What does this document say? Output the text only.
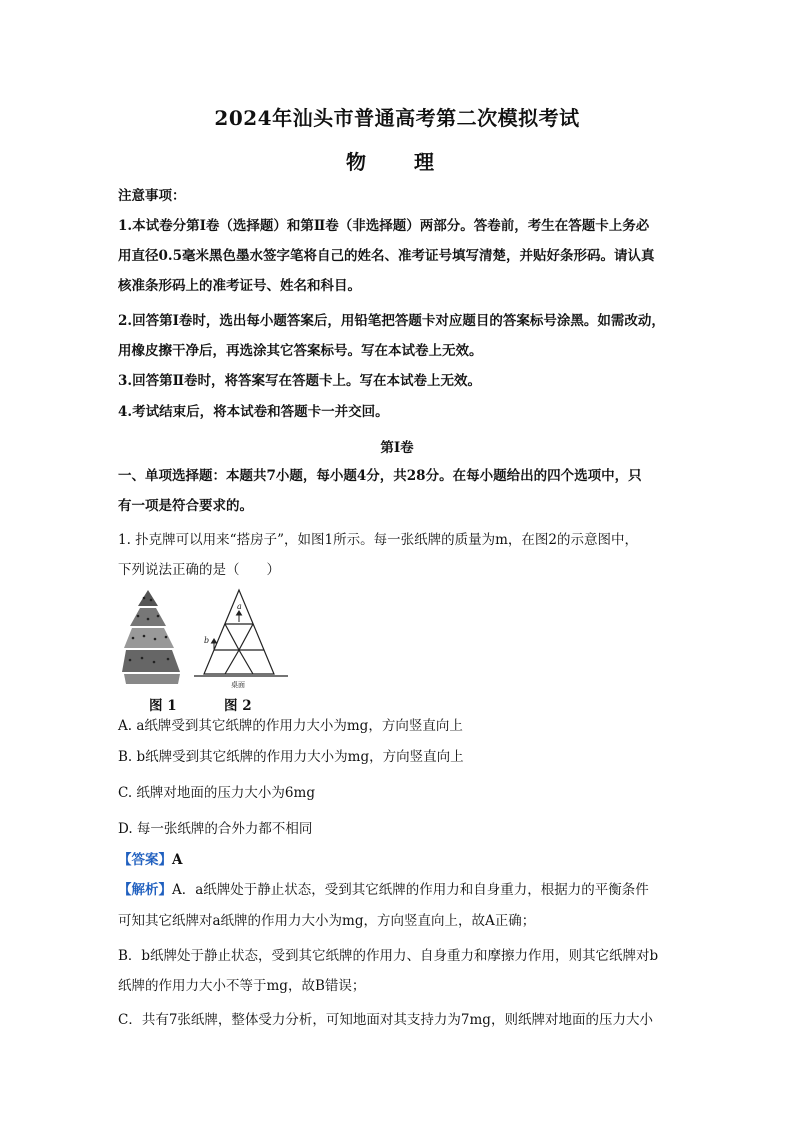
2024年汕头市普通高考第二次模拟考试
物　理
注意事项：
1.本试卷分第Ⅰ卷（选择题）和第Ⅱ卷（非选择题）两部分。答卷前，考生在答题卡上务必
用直径0.5毫米黑色墨水签字笔将自己的姓名、准考证号填写清楚，并贴好条形码。请认真
核准条形码上的准考证号、姓名和科目。
2.回答第Ⅰ卷时，选出每小题答案后，用铅笔把答题卡对应题目的答案标号涂黑。如需改动，
用橡皮擦干净后，再选涂其它答案标号。写在本试卷上无效。
3.回答第Ⅱ卷时，将答案写在答题卡上。写在本试卷上无效。
4.考试结束后，将本试卷和答题卡一并交回。
第Ⅰ卷
一、单项选择题：本题共7小题，每小题4分，共28分。在每小题给出的四个选项中，只
有一项是符合要求的。
1. 扑克牌可以用来“搭房子”，如图1所示。每一张纸牌的质量为m，在图2的示意图中，
下列说法正确的是（　　）
a
b
桌面
图 1	图 2
A. a纸牌受到其它纸牌的作用力大小为mg，方向竖直向上
B. b纸牌受到其它纸牌的作用力大小为mg，方向竖直向上
C. 纸牌对地面的压力大小为6mg
D. 每一张纸牌的合外力都不相同
【答案】A
【解析】A．a纸牌处于静止状态，受到其它纸牌的作用力和自身重力，根据力的平衡条件
可知其它纸牌对a纸牌的作用力大小为mg，方向竖直向上，故A正确；
B．b纸牌处于静止状态，受到其它纸牌的作用力、自身重力和摩擦力作用，则其它纸牌对b
纸牌的作用力大小不等于mg，故B错误；
C．共有7张纸牌，整体受力分析，可知地面对其支持力为7mg，则纸牌对地面的压力大小
